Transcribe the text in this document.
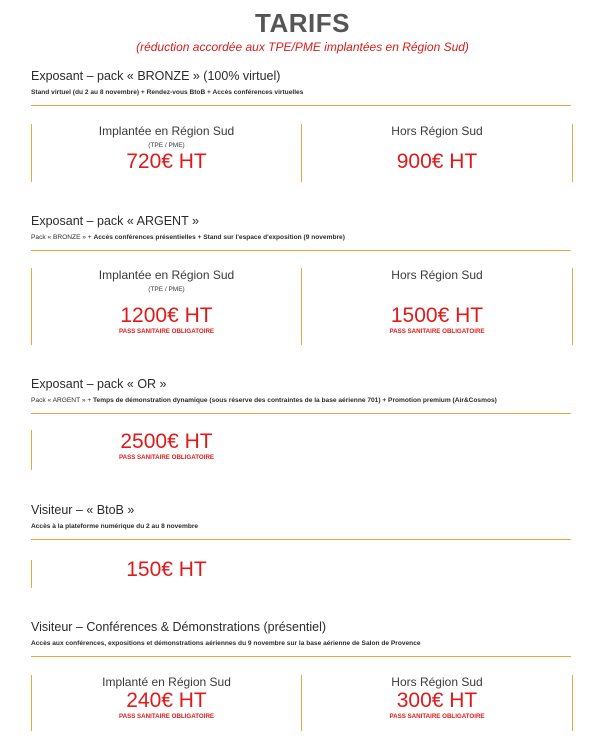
TARIFS
(réduction accordée aux TPE/PME implantées en Région Sud)
Exposant – pack « BRONZE » (100% virtuel)
Stand virtuel (du 2 au 8 novembre) + Rendez-vous BtoB + Accès conférences virtuelles
Implantée en Région Sud
(TPE / PME)
720€ HT
Hors Région Sud
900€ HT
Exposant – pack « ARGENT »
Pack « BRONZE » + Accès conférences présentielles + Stand sur l'espace d'exposition (9 novembre)
Implantée en Région Sud
(TPE / PME)
1200€ HT
PASS SANITAIRE OBLIGATOIRE
Hors Région Sud
1500€ HT
PASS SANITAIRE OBLIGATOIRE
Exposant – pack « OR »
Pack « ARGENT » + Temps de démonstration dynamique (sous réserve des contraintes de la base aérienne 701) + Promotion premium (Air&Cosmos)
2500€ HT
PASS SANITAIRE OBLIGATOIRE
Visiteur – « BtoB »
Accès à la plateforme numérique du 2 au 8 novembre
150€ HT
Visiteur – Conférences & Démonstrations (présentiel)
Accès aux conférences, expositions et démonstrations aériennes du 9 novembre sur la base aérienne de Salon de Provence
Implanté en Région Sud
240€ HT
PASS SANITAIRE OBLIGATOIRE
Hors Région Sud
300€ HT
PASS SANITAIRE OBLIGATOIRE
